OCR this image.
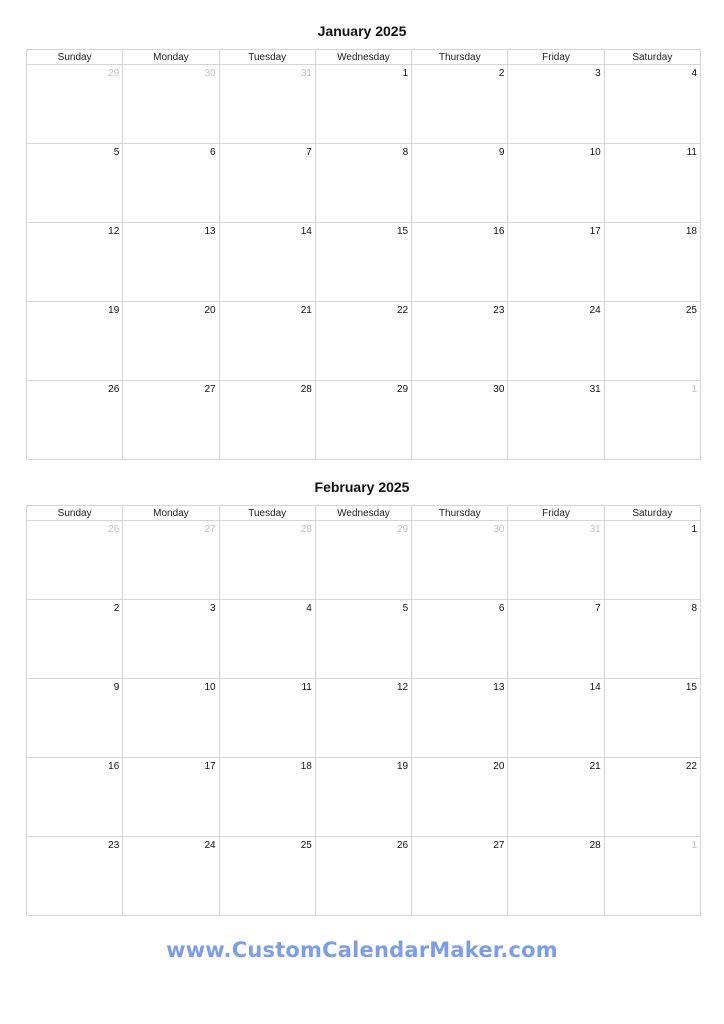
January 2025
Sunday	Monday	Tuesday	Wednesday	Thursday	Friday	Saturday

29	30	31	1	2	3	4

5	6	7	8	9	10	11

12	13	14	15	16	17	18

19	20	21	22	23	24	25

26	27	28	29	30	31	1
February 2025
Sunday	Monday	Tuesday	Wednesday	Thursday	Friday	Saturday

26	27	28	29	30	31	1

2	3	4	5	6	7	8

9	10	11	12	13	14	15

16	17	18	19	20	21	22

23	24	25	26	27	28	1
www.CustomCalendarMaker.com
